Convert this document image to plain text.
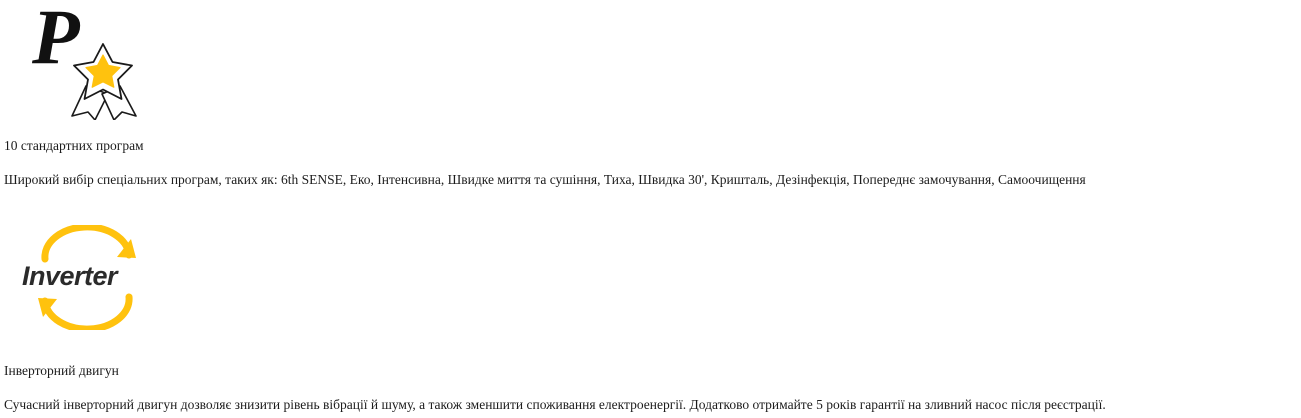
P
10 стандартних програм
Широкий вибір спеціальних програм, таких як: 6th SENSE, Еко, Інтенсивна, Швидке миття та сушіння, Тиха, Швидка 30', Кришталь, Дезінфекція, Попереднє замочування, Самоочищення
Inverter
Інверторний двигун
Сучасний інверторний двигун дозволяє знизити рівень вібрації й шуму, а також зменшити споживання електроенергії. Додатково отримайте 5 років гарантії на зливний насос після реєстрації.
